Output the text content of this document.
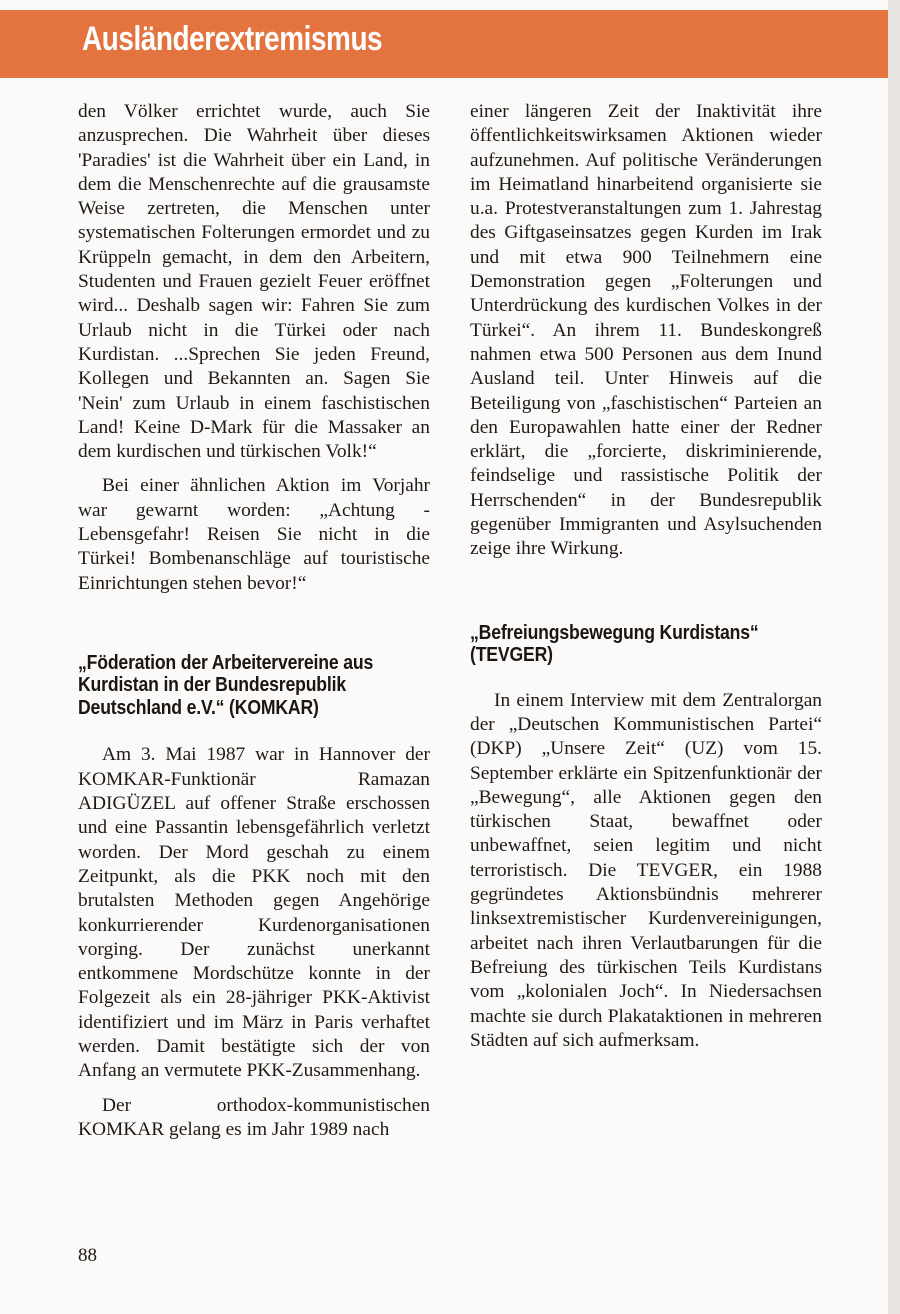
Ausländerextremismus

den Völker errichtet wurde, auch Sie anzusprechen. Die Wahrheit über dieses 'Paradies' ist die Wahrheit über ein Land, in dem die Menschenrechte auf die grausamste Weise zertreten, die Menschen unter systematischen Folterungen ermordet und zu Krüppeln gemacht, in dem den Arbeitern, Studenten und Frauen gezielt Feuer eröffnet wird... Deshalb sagen wir: Fahren Sie zum Urlaub nicht in die Türkei oder nach Kurdistan. ...Sprechen Sie jeden Freund, Kollegen und Bekannten an. Sagen Sie 'Nein' zum Urlaub in einem faschistischen Land! Keine D-Mark für die Massaker an dem kurdischen und türkischen Volk!“

Bei einer ähnlichen Aktion im Vorjahr war gewarnt worden: „Achtung - Lebensgefahr! Reisen Sie nicht in die Türkei! Bombenanschläge auf touristische Einrichtungen stehen bevor!“

„Föderation der Arbeitervereine aus Kurdistan in der Bundesrepublik Deutschland e.V.“ (KOMKAR)

Am 3. Mai 1987 war in Hannover der KOMKAR-Funktionär Ramazan ADIGÜZEL auf offener Straße erschossen und eine Passantin lebensgefährlich verletzt worden. Der Mord geschah zu einem Zeitpunkt, als die PKK noch mit den brutalsten Methoden gegen Angehörige konkurrierender Kurdenorganisationen vorging. Der zunächst unerkannt entkommene Mordschütze konnte in der Folgezeit als ein 28-jähriger PKK-Aktivist identifiziert und im März in Paris verhaftet werden. Damit bestätigte sich der von Anfang an vermutete PKK-Zusammenhang.

Der orthodox-kommunistischen KOMKAR gelang es im Jahr 1989 nach

einer längeren Zeit der Inaktivität ihre öffentlichkeitswirksamen Aktionen wieder aufzunehmen. Auf politische Veränderungen im Heimatland hinarbeitend organisierte sie u.a. Protestveranstaltungen zum 1. Jahrestag des Giftgaseinsatzes gegen Kurden im Irak und mit etwa 900 Teilnehmern eine Demonstration gegen „Folterungen und Unterdrückung des kurdischen Volkes in der Türkei“. An ihrem 11. Bundeskongreß nahmen etwa 500 Personen aus dem Inund Ausland teil. Unter Hinweis auf die Beteiligung von „faschistischen“ Parteien an den Europawahlen hatte einer der Redner erklärt, die „forcierte, diskriminierende, feindselige und rassistische Politik der Herrschenden“ in der Bundesrepublik gegenüber Immigranten und Asylsuchenden zeige ihre Wirkung.

„Befreiungsbewegung Kurdistans“ (TEVGER)

In einem Interview mit dem Zentralorgan der „Deutschen Kommunistischen Partei“ (DKP) „Unsere Zeit“ (UZ) vom 15. September erklärte ein Spitzenfunktionär der „Bewegung“, alle Aktionen gegen den türkischen Staat, bewaffnet oder unbewaffnet, seien legitim und nicht terroristisch. Die TEVGER, ein 1988 gegründetes Aktionsbündnis mehrerer linksextremistischer Kurdenvereinigungen, arbeitet nach ihren Verlautbarungen für die Befreiung des türkischen Teils Kurdistans vom „kolonialen Joch“. In Niedersachsen machte sie durch Plakataktionen in mehreren Städten auf sich aufmerksam.

88
